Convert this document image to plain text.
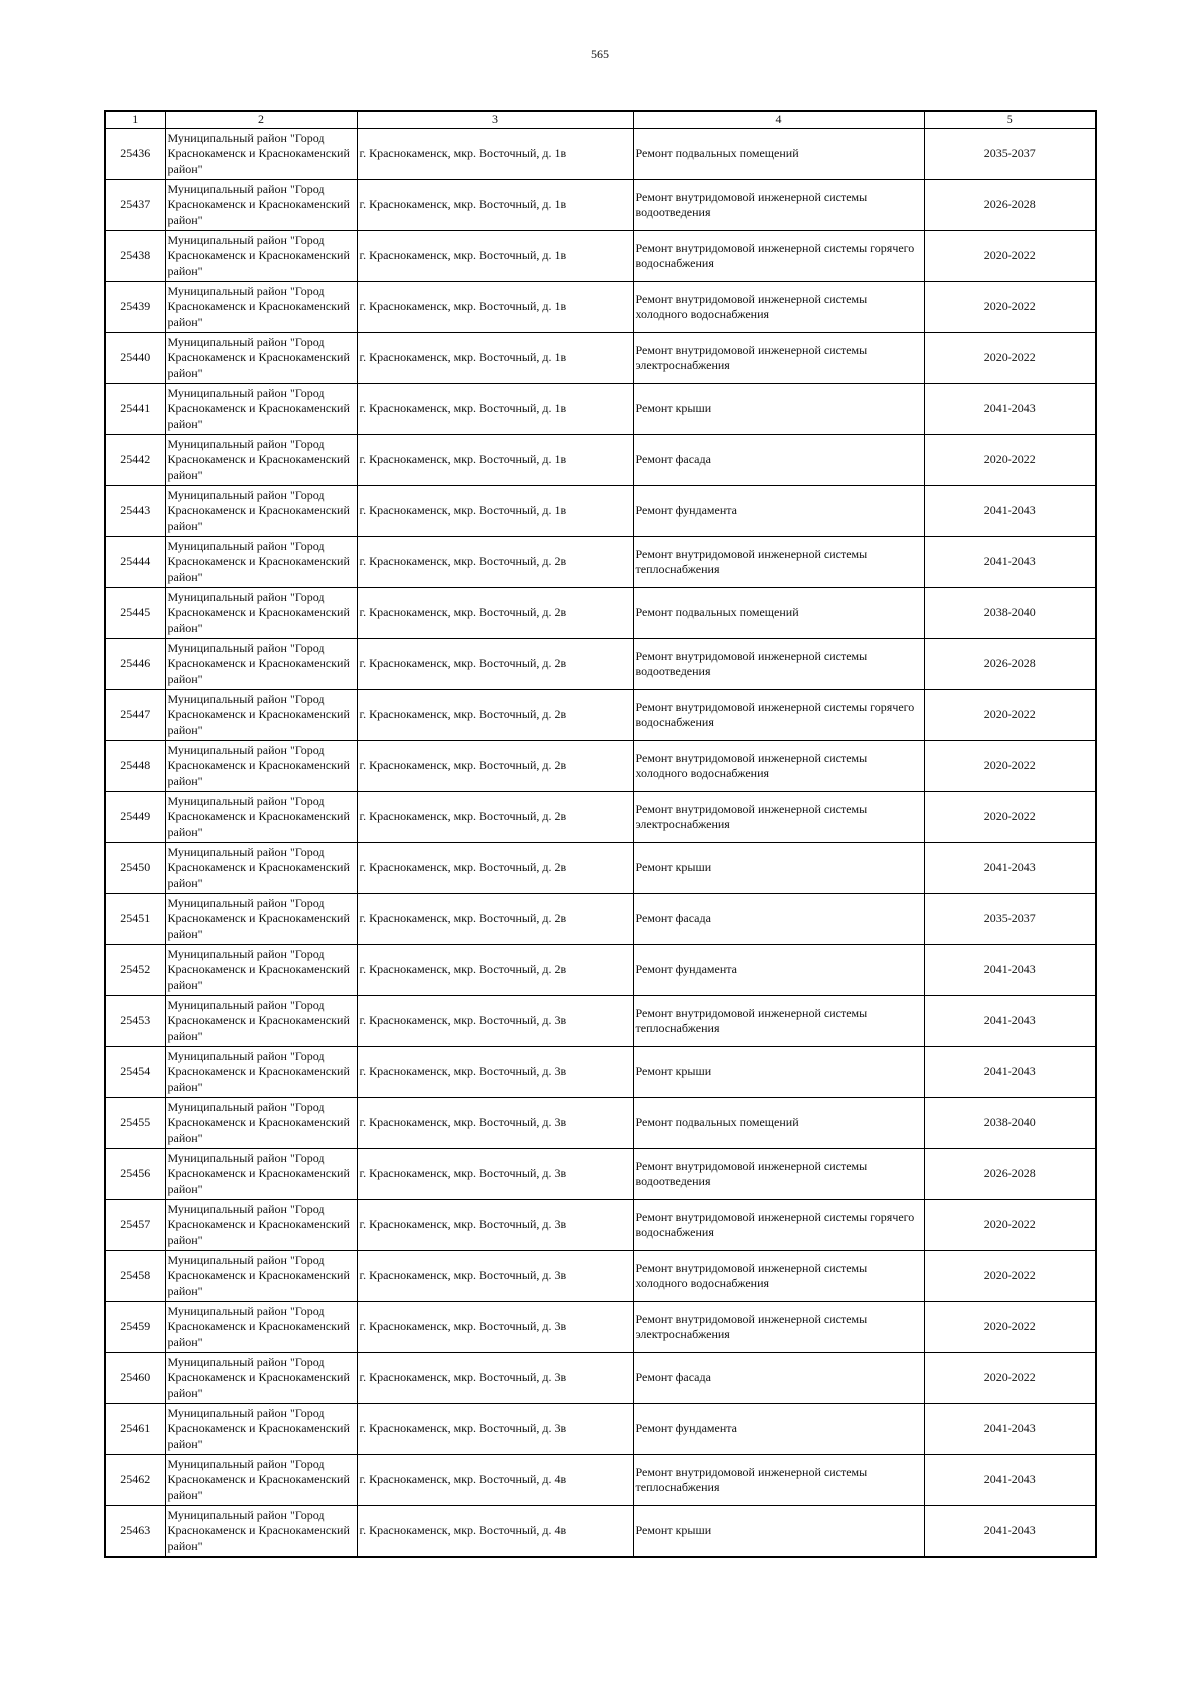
565
1	2	3	4	5
25436	Муниципальный район "Город Краснокаменск и Краснокаменский район"	г. Краснокаменск, мкр. Восточный, д. 1в	Ремонт подвальных помещений	2035-2037
25437	Муниципальный район "Город Краснокаменск и Краснокаменский район"	г. Краснокаменск, мкр. Восточный, д. 1в	Ремонт внутридомовой инженерной системы водоотведения	2026-2028
25438	Муниципальный район "Город Краснокаменск и Краснокаменский район"	г. Краснокаменск, мкр. Восточный, д. 1в	Ремонт внутридомовой инженерной системы горячего водоснабжения	2020-2022
25439	Муниципальный район "Город Краснокаменск и Краснокаменский район"	г. Краснокаменск, мкр. Восточный, д. 1в	Ремонт внутридомовой инженерной системы холодного водоснабжения	2020-2022
25440	Муниципальный район "Город Краснокаменск и Краснокаменский район"	г. Краснокаменск, мкр. Восточный, д. 1в	Ремонт внутридомовой инженерной системы электроснабжения	2020-2022
25441	Муниципальный район "Город Краснокаменск и Краснокаменский район"	г. Краснокаменск, мкр. Восточный, д. 1в	Ремонт крыши	2041-2043
25442	Муниципальный район "Город Краснокаменск и Краснокаменский район"	г. Краснокаменск, мкр. Восточный, д. 1в	Ремонт фасада	2020-2022
25443	Муниципальный район "Город Краснокаменск и Краснокаменский район"	г. Краснокаменск, мкр. Восточный, д. 1в	Ремонт фундамента	2041-2043
25444	Муниципальный район "Город Краснокаменск и Краснокаменский район"	г. Краснокаменск, мкр. Восточный, д. 2в	Ремонт внутридомовой инженерной системы теплоснабжения	2041-2043
25445	Муниципальный район "Город Краснокаменск и Краснокаменский район"	г. Краснокаменск, мкр. Восточный, д. 2в	Ремонт подвальных помещений	2038-2040
25446	Муниципальный район "Город Краснокаменск и Краснокаменский район"	г. Краснокаменск, мкр. Восточный, д. 2в	Ремонт внутридомовой инженерной системы водоотведения	2026-2028
25447	Муниципальный район "Город Краснокаменск и Краснокаменский район"	г. Краснокаменск, мкр. Восточный, д. 2в	Ремонт внутридомовой инженерной системы горячего водоснабжения	2020-2022
25448	Муниципальный район "Город Краснокаменск и Краснокаменский район"	г. Краснокаменск, мкр. Восточный, д. 2в	Ремонт внутридомовой инженерной системы холодного водоснабжения	2020-2022
25449	Муниципальный район "Город Краснокаменск и Краснокаменский район"	г. Краснокаменск, мкр. Восточный, д. 2в	Ремонт внутридомовой инженерной системы электроснабжения	2020-2022
25450	Муниципальный район "Город Краснокаменск и Краснокаменский район"	г. Краснокаменск, мкр. Восточный, д. 2в	Ремонт крыши	2041-2043
25451	Муниципальный район "Город Краснокаменск и Краснокаменский район"	г. Краснокаменск, мкр. Восточный, д. 2в	Ремонт фасада	2035-2037
25452	Муниципальный район "Город Краснокаменск и Краснокаменский район"	г. Краснокаменск, мкр. Восточный, д. 2в	Ремонт фундамента	2041-2043
25453	Муниципальный район "Город Краснокаменск и Краснокаменский район"	г. Краснокаменск, мкр. Восточный, д. 3в	Ремонт внутридомовой инженерной системы теплоснабжения	2041-2043
25454	Муниципальный район "Город Краснокаменск и Краснокаменский район"	г. Краснокаменск, мкр. Восточный, д. 3в	Ремонт крыши	2041-2043
25455	Муниципальный район "Город Краснокаменск и Краснокаменский район"	г. Краснокаменск, мкр. Восточный, д. 3в	Ремонт подвальных помещений	2038-2040
25456	Муниципальный район "Город Краснокаменск и Краснокаменский район"	г. Краснокаменск, мкр. Восточный, д. 3в	Ремонт внутридомовой инженерной системы водоотведения	2026-2028
25457	Муниципальный район "Город Краснокаменск и Краснокаменский район"	г. Краснокаменск, мкр. Восточный, д. 3в	Ремонт внутридомовой инженерной системы горячего водоснабжения	2020-2022
25458	Муниципальный район "Город Краснокаменск и Краснокаменский район"	г. Краснокаменск, мкр. Восточный, д. 3в	Ремонт внутридомовой инженерной системы холодного водоснабжения	2020-2022
25459	Муниципальный район "Город Краснокаменск и Краснокаменский район"	г. Краснокаменск, мкр. Восточный, д. 3в	Ремонт внутридомовой инженерной системы электроснабжения	2020-2022
25460	Муниципальный район "Город Краснокаменск и Краснокаменский район"	г. Краснокаменск, мкр. Восточный, д. 3в	Ремонт фасада	2020-2022
25461	Муниципальный район "Город Краснокаменск и Краснокаменский район"	г. Краснокаменск, мкр. Восточный, д. 3в	Ремонт фундамента	2041-2043
25462	Муниципальный район "Город Краснокаменск и Краснокаменский район"	г. Краснокаменск, мкр. Восточный, д. 4в	Ремонт внутридомовой инженерной системы теплоснабжения	2041-2043
25463	Муниципальный район "Город Краснокаменск и Краснокаменский район"	г. Краснокаменск, мкр. Восточный, д. 4в	Ремонт крыши	2041-2043
